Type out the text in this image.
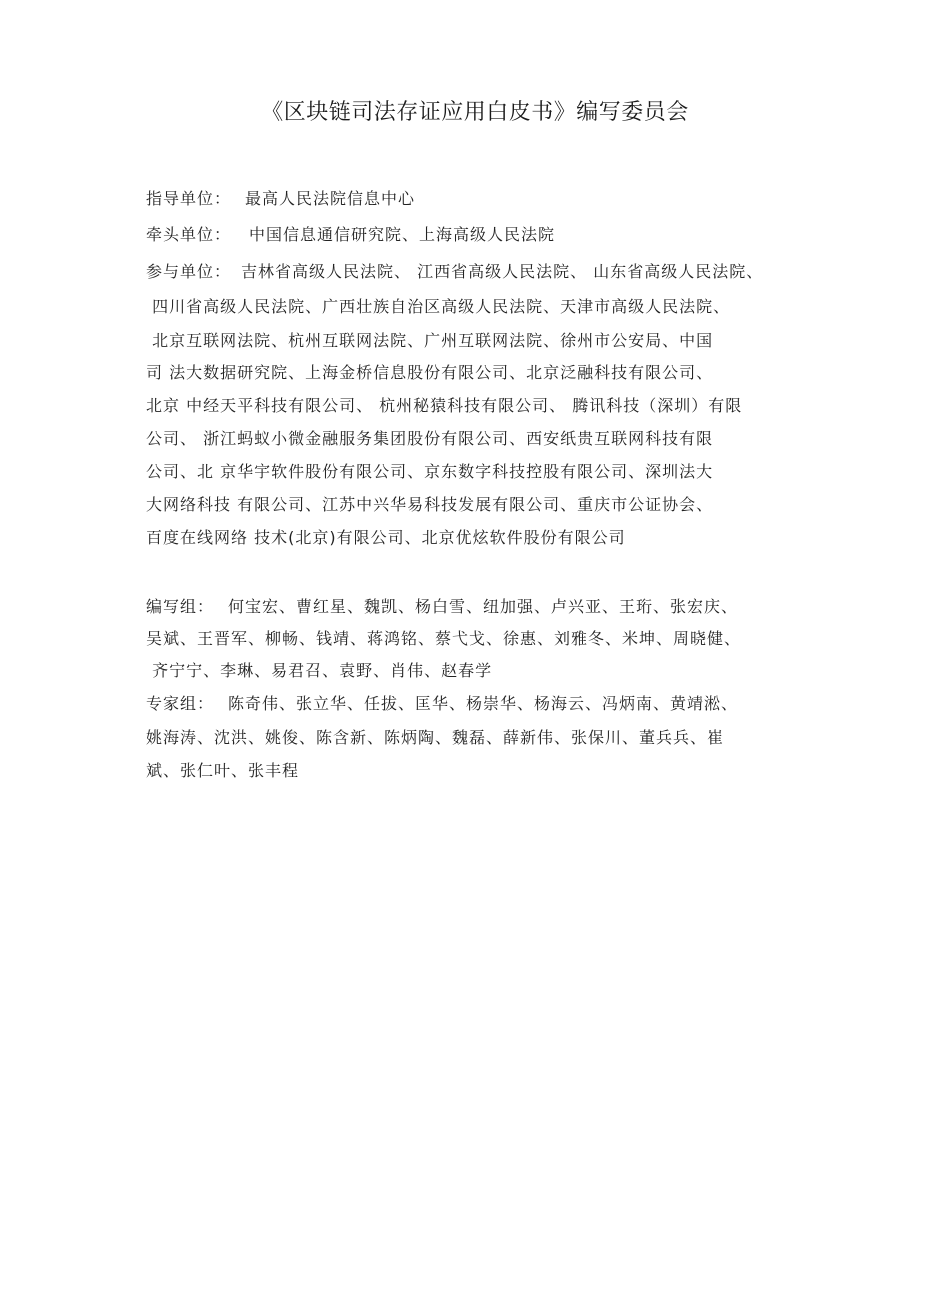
《区块链司法存证应用白皮书》编写委员会
指导单位： 最高人民法院信息中心
牵头单位： 中国信息通信研究院、上海高级人民法院
参与单位： 吉林省高级人民法院、 江西省高级人民法院、 山东省高级人民法院、
四川省高级人民法院、广西壮族自治区高级人民法院、天津市高级人民法院、
北京互联网法院、杭州互联网法院、广州互联网法院、徐州市公安局、中国
司 法大数据研究院、上海金桥信息股份有限公司、北京泛融科技有限公司、
北京 中经天平科技有限公司、 杭州秘猿科技有限公司、 腾讯科技（深圳）有限
公司、 浙江蚂蚁小微金融服务集团股份有限公司、西安纸贵互联网科技有限
公司、北 京华宇软件股份有限公司、京东数字科技控股有限公司、深圳法大
大网络科技 有限公司、江苏中兴华易科技发展有限公司、重庆市公证协会、
百度在线网络 技术(北京)有限公司、北京优炫软件股份有限公司
编写组： 何宝宏、曹红星、魏凯、杨白雪、纽加强、卢兴亚、王珩、张宏庆、
吴斌、王晋军、柳畅、钱靖、蒋鸿铭、蔡弋戈、徐惠、刘雅冬、米坤、周晓健、
齐宁宁、李琳、易君召、袁野、肖伟、赵春学
专家组： 陈奇伟、张立华、任拔、匡华、杨崇华、杨海云、冯炳南、黄靖淞、
姚海涛、沈洪、姚俊、陈含新、陈炳陶、魏磊、薛新伟、张保川、董兵兵、崔
斌、张仁叶、张丰程
